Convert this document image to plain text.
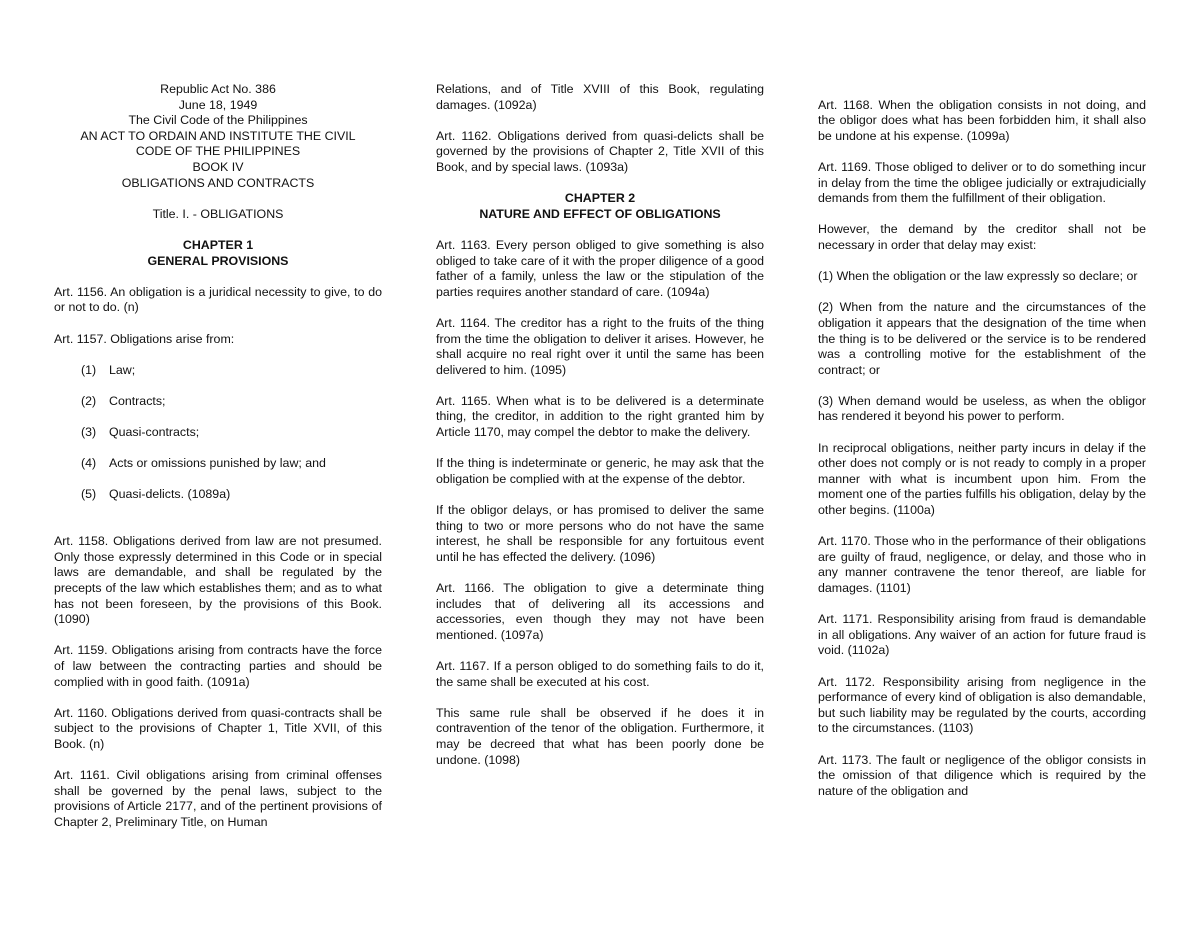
Republic Act No. 386
June 18, 1949
The Civil Code of the Philippines
AN ACT TO ORDAIN AND INSTITUTE THE CIVIL
CODE OF THE PHILIPPINES
BOOK IV
OBLIGATIONS AND CONTRACTS
Title. I. - OBLIGATIONS
CHAPTER 1
GENERAL PROVISIONS

Art. 1156. An obligation is a juridical necessity to give, to do or not to do. (n)

Art. 1157. Obligations arise from:

(1)	Law;
(2)	Contracts;
(3)	Quasi-contracts;
(4)	Acts or omissions punished by law; and
(5)	Quasi-delicts. (1089a)

Art. 1158. Obligations derived from law are not presumed. Only those expressly determined in this Code or in special laws are demandable, and shall be regulated by the precepts of the law which establishes them; and as to what has not been foreseen, by the provisions of this Book. (1090)

Art. 1159. Obligations arising from contracts have the force of law between the contracting parties and should be complied with in good faith. (1091a)

Art. 1160. Obligations derived from quasi-contracts shall be subject to the provisions of Chapter 1, Title XVII, of this Book. (n)

Art. 1161. Civil obligations arising from criminal offenses shall be governed by the penal laws, subject to the provisions of Article 2177, and of the pertinent provisions of Chapter 2, Preliminary Title, on Human

Relations, and of Title XVIII of this Book, regulating damages. (1092a)

Art. 1162. Obligations derived from quasi-delicts shall be governed by the provisions of Chapter 2, Title XVII of this Book, and by special laws. (1093a)

CHAPTER 2
NATURE AND EFFECT OF OBLIGATIONS

Art. 1163. Every person obliged to give something is also obliged to take care of it with the proper diligence of a good father of a family, unless the law or the stipulation of the parties requires another standard of care. (1094a)

Art. 1164. The creditor has a right to the fruits of the thing from the time the obligation to deliver it arises. However, he shall acquire no real right over it until the same has been delivered to him. (1095)

Art. 1165. When what is to be delivered is a determinate thing, the creditor, in addition to the right granted him by Article 1170, may compel the debtor to make the delivery.

If the thing is indeterminate or generic, he may ask that the obligation be complied with at the expense of the debtor.

If the obligor delays, or has promised to deliver the same thing to two or more persons who do not have the same interest, he shall be responsible for any fortuitous event until he has effected the delivery. (1096)

Art. 1166. The obligation to give a determinate thing includes that of delivering all its accessions and accessories, even though they may not have been mentioned. (1097a)

Art. 1167. If a person obliged to do something fails to do it, the same shall be executed at his cost.

This same rule shall be observed if he does it in contravention of the tenor of the obligation. Furthermore, it may be decreed that what has been poorly done be undone. (1098)

Art. 1168. When the obligation consists in not doing, and the obligor does what has been forbidden him, it shall also be undone at his expense. (1099a)

Art. 1169. Those obliged to deliver or to do something incur in delay from the time the obligee judicially or extrajudicially demands from them the fulfillment of their obligation.

However, the demand by the creditor shall not be necessary in order that delay may exist:

(1) When the obligation or the law expressly so declare; or

(2) When from the nature and the circumstances of the obligation it appears that the designation of the time when the thing is to be delivered or the service is to be rendered was a controlling motive for the establishment of the contract; or

(3) When demand would be useless, as when the obligor has rendered it beyond his power to perform.

In reciprocal obligations, neither party incurs in delay if the other does not comply or is not ready to comply in a proper manner with what is incumbent upon him. From the moment one of the parties fulfills his obligation, delay by the other begins. (1100a)

Art. 1170. Those who in the performance of their obligations are guilty of fraud, negligence, or delay, and those who in any manner contravene the tenor thereof, are liable for damages. (1101)

Art. 1171. Responsibility arising from fraud is demandable in all obligations. Any waiver of an action for future fraud is void. (1102a)

Art. 1172. Responsibility arising from negligence in the performance of every kind of obligation is also demandable, but such liability may be regulated by the courts, according to the circumstances. (1103)

Art. 1173. The fault or negligence of the obligor consists in the omission of that diligence which is required by the nature of the obligation and
